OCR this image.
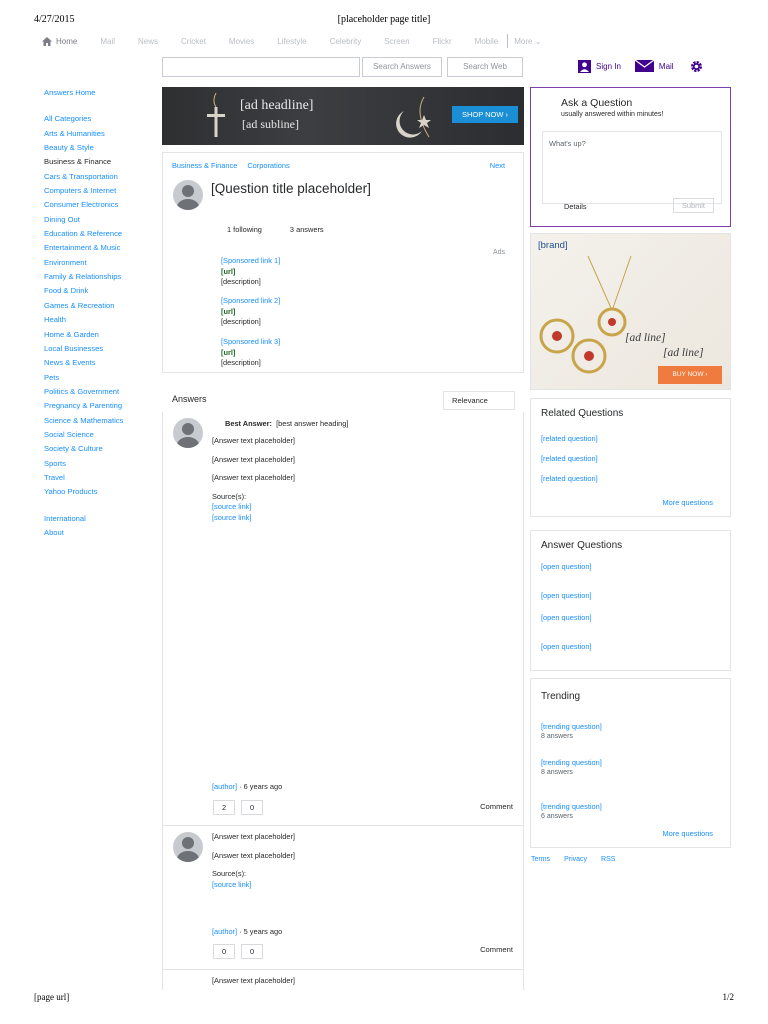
4/27/2015	[placeholder page title]
Home	Mail	News	Cricket	Movies	Lifestyle	Celebrity	Screen	Flickr	Mobile More ⌄
Search Answers	Search Web	Sign In	Mail
Answers Home
All Categories
Arts & Humanities
Beauty & Style
Business & Finance
Cars & Transportation
Computers & Internet
Consumer Electronics
Dining Out
Education & Reference
Entertainment & Music
Environment
Family & Relationships
Food & Drink
Games & Recreation
Health
Home & Garden
Local Businesses
News & Events
Pets
Politics & Government
Pregnancy & Parenting
Science & Mathematics
Social Science
Society & Culture
Sports
Travel
Yahoo Products
International
About
[ad headline]
[ad subline]
SHOP NOW ›
Business & Finance Corporations	Next
[Question title placeholder]
1 following	3 answers
Ads
[Sponsored link 1]
[url]
[description]
[Sponsored link 2]
[url]
[description]
[Sponsored link 3]
[url]
[description]
Answers	Relevance
Best Answer: [best answer heading]
[Answer text placeholder]
[Answer text placeholder]
[Answer text placeholder]
Source(s):
[source link]
[source link]
[author] · 6 years ago
2	0	Comment
[Answer text placeholder]
[Answer text placeholder]
Source(s):
[source link]
[author] · 5 years ago
0	0	Comment
[Answer text placeholder]
Ask a Question
usually answered within minutes!
What's up?
Details	Submit
[brand]
[ad line]
[ad line]
BUY NOW ›
Related Questions
[related question]
[related question]
[related question]
More questions
Answer Questions
[open question]
[open question]
[open question]
[open question]
Trending
[trending question]
8 answers
[trending question]
8 answers
[trending question]
6 answers
More questions
Terms Privacy RSS
[page url]	1/2
